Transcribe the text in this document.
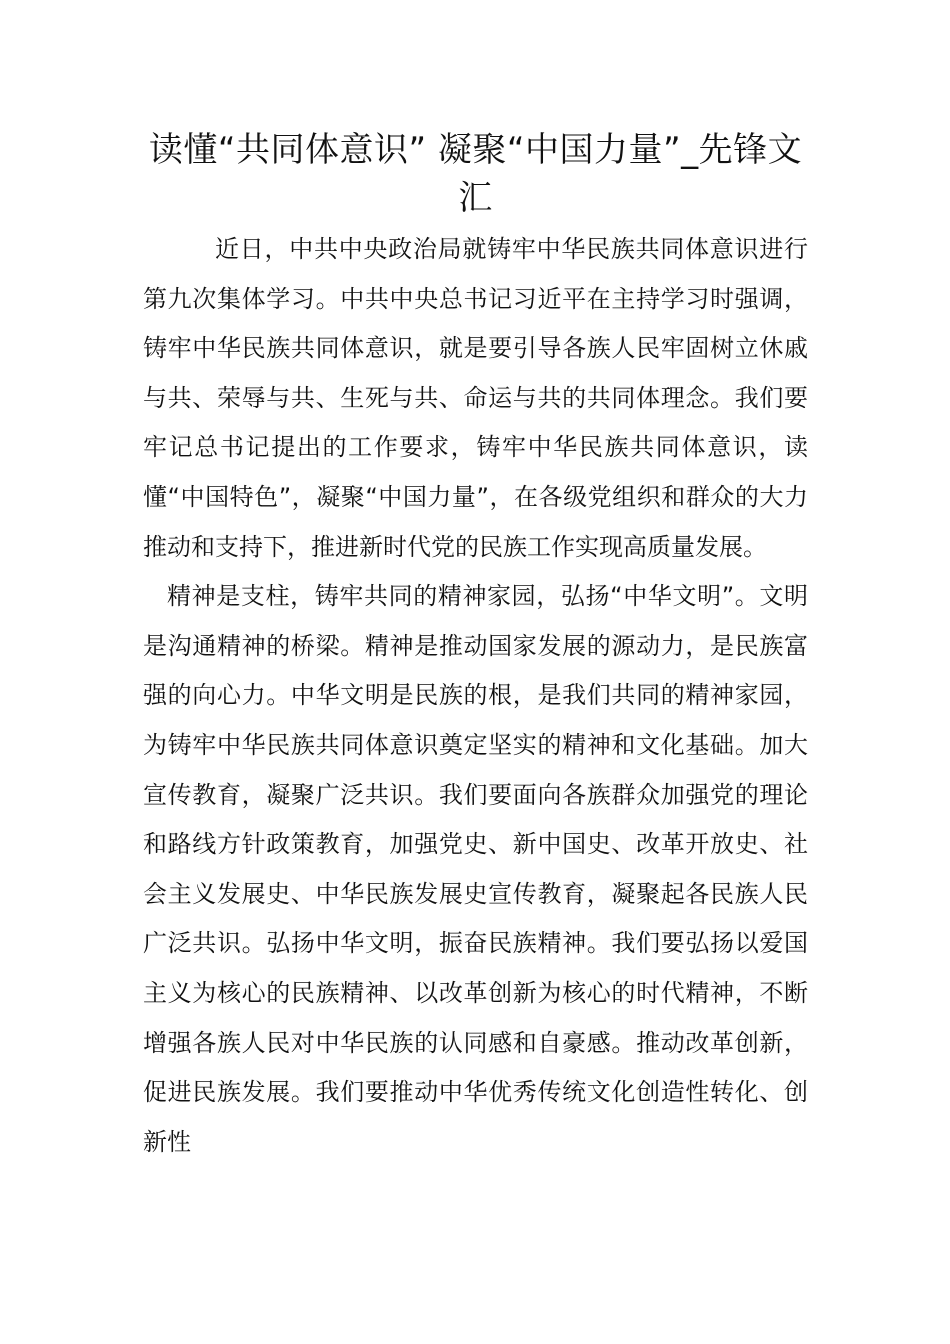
读懂“共同体意识” 凝聚“中国力量”_先锋文汇

近日，中共中央政治局就铸牢中华民族共同体意识进行第九次集体学习。中共中央总书记习近平在主持学习时强调，铸牢中华民族共同体意识，就是要引导各族人民牢固树立休戚与共、荣辱与共、生死与共、命运与共的共同体理念。我们要牢记总书记提出的工作要求，铸牢中华民族共同体意识，读懂“中国特色”，凝聚“中国力量”，在各级党组织和群众的大力推动和支持下，推进新时代党的民族工作实现高质量发展。

精神是支柱，铸牢共同的精神家园，弘扬“中华文明”。文明是沟通精神的桥梁。精神是推动国家发展的源动力，是民族富强的向心力。中华文明是民族的根，是我们共同的精神家园，为铸牢中华民族共同体意识奠定坚实的精神和文化基础。加大宣传教育，凝聚广泛共识。我们要面向各族群众加强党的理论和路线方针政策教育，加强党史、新中国史、改革开放史、社会主义发展史、中华民族发展史宣传教育，凝聚起各民族人民广泛共识。弘扬中华文明，振奋民族精神。我们要弘扬以爱国主义为核心的民族精神、以改革创新为核心的时代精神，不断增强各族人民对中华民族的认同感和自豪感。推动改革创新，促进民族发展。我们要推动中华优秀传统文化创造性转化、创新性
